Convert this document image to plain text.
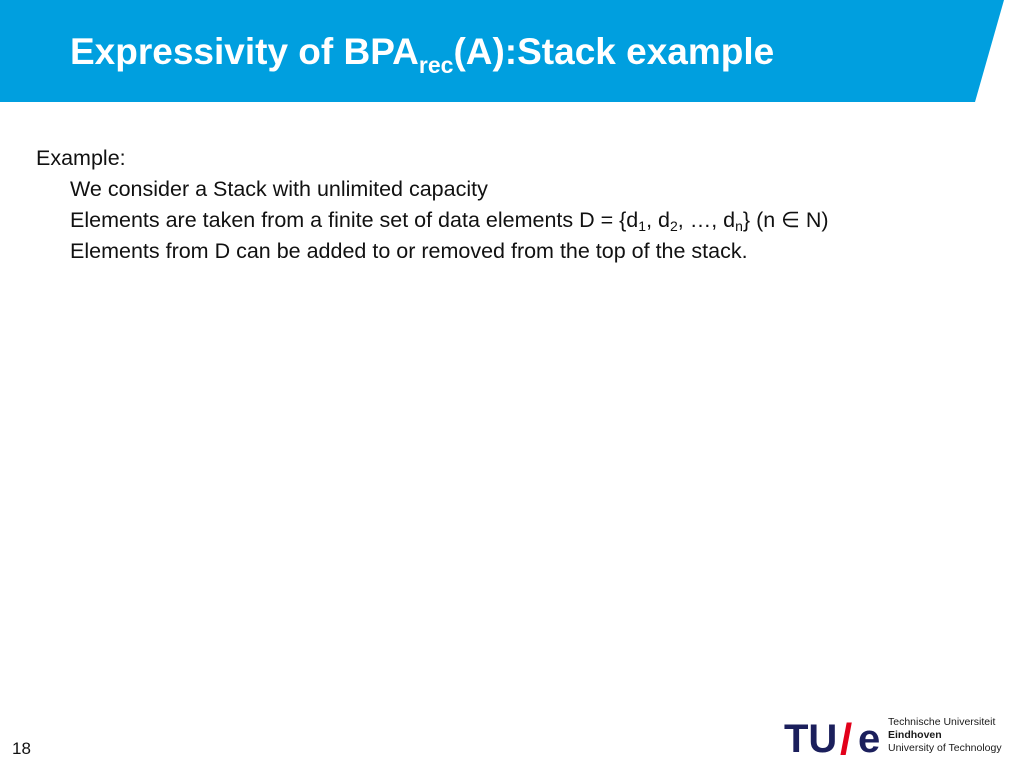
Expressivity of $BPA_{rec}(A):Stack$ example

Example:

We consider a Stack with unlimited capacity

Elements are taken from a finite set of data elements $D = \{d_1$, $d_2$, …, $d_n$} (n ∈ N)

Elements from D can be added to or removed from the top of the stack.

18	TU / e Technische Universiteit
Eindhoven
University of Technology
